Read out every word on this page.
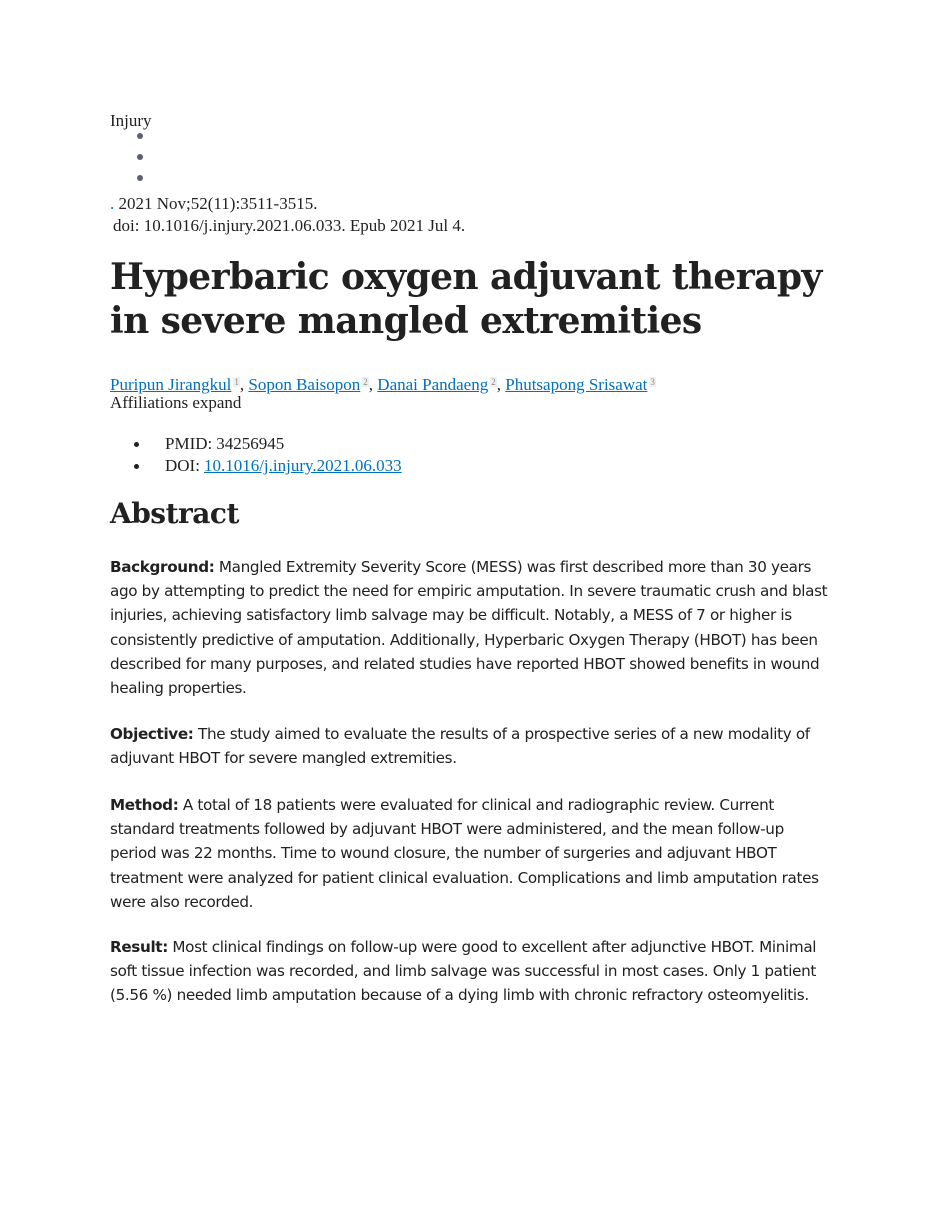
Injury
. 2021 Nov;52(11):3511-3515.
doi: 10.1016/j.injury.2021.06.033. Epub 2021 Jul 4.
Hyperbaric oxygen adjuvant therapy in severe mangled extremities
Puripun Jirangkul $^1$, Sopon Baisopon $^2$, Danai Pandaeng $^2$, Phutsapong Srisawat $^3$
Affiliations expand
PMID: 34256945
DOI: 10.1016/j.injury.2021.06.033
Abstract

Background: Mangled Extremity Severity Score (MESS) was first described more than 30 years ago by attempting to predict the need for empiric amputation. In severe traumatic crush and blast injuries, achieving satisfactory limb salvage may be difficult. Notably, a MESS of 7 or higher is consistently predictive of amputation. Additionally, Hyperbaric Oxygen Therapy (HBOT) has been described for many purposes, and related studies have reported HBOT showed benefits in wound healing properties.

Objective: The study aimed to evaluate the results of a prospective series of a new modality of adjuvant HBOT for severe mangled extremities.

Method: A total of 18 patients were evaluated for clinical and radiographic review. Current standard treatments followed by adjuvant HBOT were administered, and the mean follow-up period was 22 months. Time to wound closure, the number of surgeries and adjuvant HBOT treatment were analyzed for patient clinical evaluation. Complications and limb amputation rates were also recorded.

Result: Most clinical findings on follow-up were good to excellent after adjunctive HBOT. Minimal soft tissue infection was recorded, and limb salvage was successful in most cases. Only 1 patient (5.56 %) needed limb amputation because of a dying limb with chronic refractory osteomyelitis.
